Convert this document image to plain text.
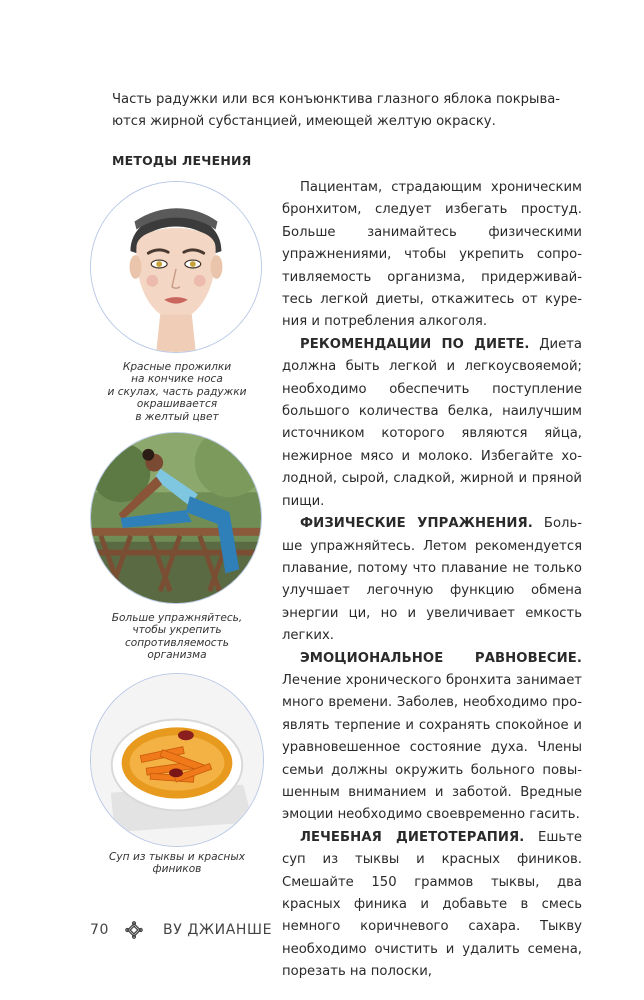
Часть радужки или вся конъюнктива глазного яблока покрыва-
ются жирной субстанцией, имеющей желтую окраску.
МЕТОДЫ ЛЕЧЕНИЯ
Красные прожилки
на кончике носа
и скулах, часть радужки
окрашивается
в желтый цвет
Больше упражняйтесь,
чтобы укрепить
сопротивляемость
организма
Суп из тыквы и красных
фиников

Пациентам, страдающим хроническим бронхитом, следует избегать простуд. Больше занимайтесь физическими упражнениями, чтобы укрепить сопротивляемость организма, придерживайтесь легкой диеты, откажитесь от курения и потребления алкоголя.

РЕКОМЕНДАЦИИ ПО ДИЕТЕ. Диета должна быть легкой и легкоусвояемой; необходимо обеспечить поступление большого количества белка, наилучшим источником которого являются яйца, нежирное мясо и молоко. Избегайте холодной, сырой, сладкой, жирной и пряной пищи.

ФИЗИЧЕСКИЕ УПРАЖНЕНИЯ. Больше упражняйтесь. Летом рекомендуется плавание, потому что плавание не только улучшает легочную функцию обмена энергии ци, но и увеличивает емкость легких.

ЭМОЦИОНАЛЬНОЕ РАВНОВЕСИЕ. Лечение хронического бронхита занимает много времени. Заболев, необходимо проявлять терпение и сохранять спокойное и уравновешенное состояние духа. Члены семьи должны окружить больного повышенным вниманием и заботой. Вредные эмоции необходимо своевременно гасить.

ЛЕЧЕБНАЯ ДИЕТОТЕРАПИЯ. Ешьте суп из тыквы и красных фиников. Смешайте 150 граммов тыквы, два красных финика и добавьте в смесь немного коричневого сахара. Тыкву необходимо очистить и удалить семена, порезать на полоски,

70	ВУ ДЖИАНШЕ
